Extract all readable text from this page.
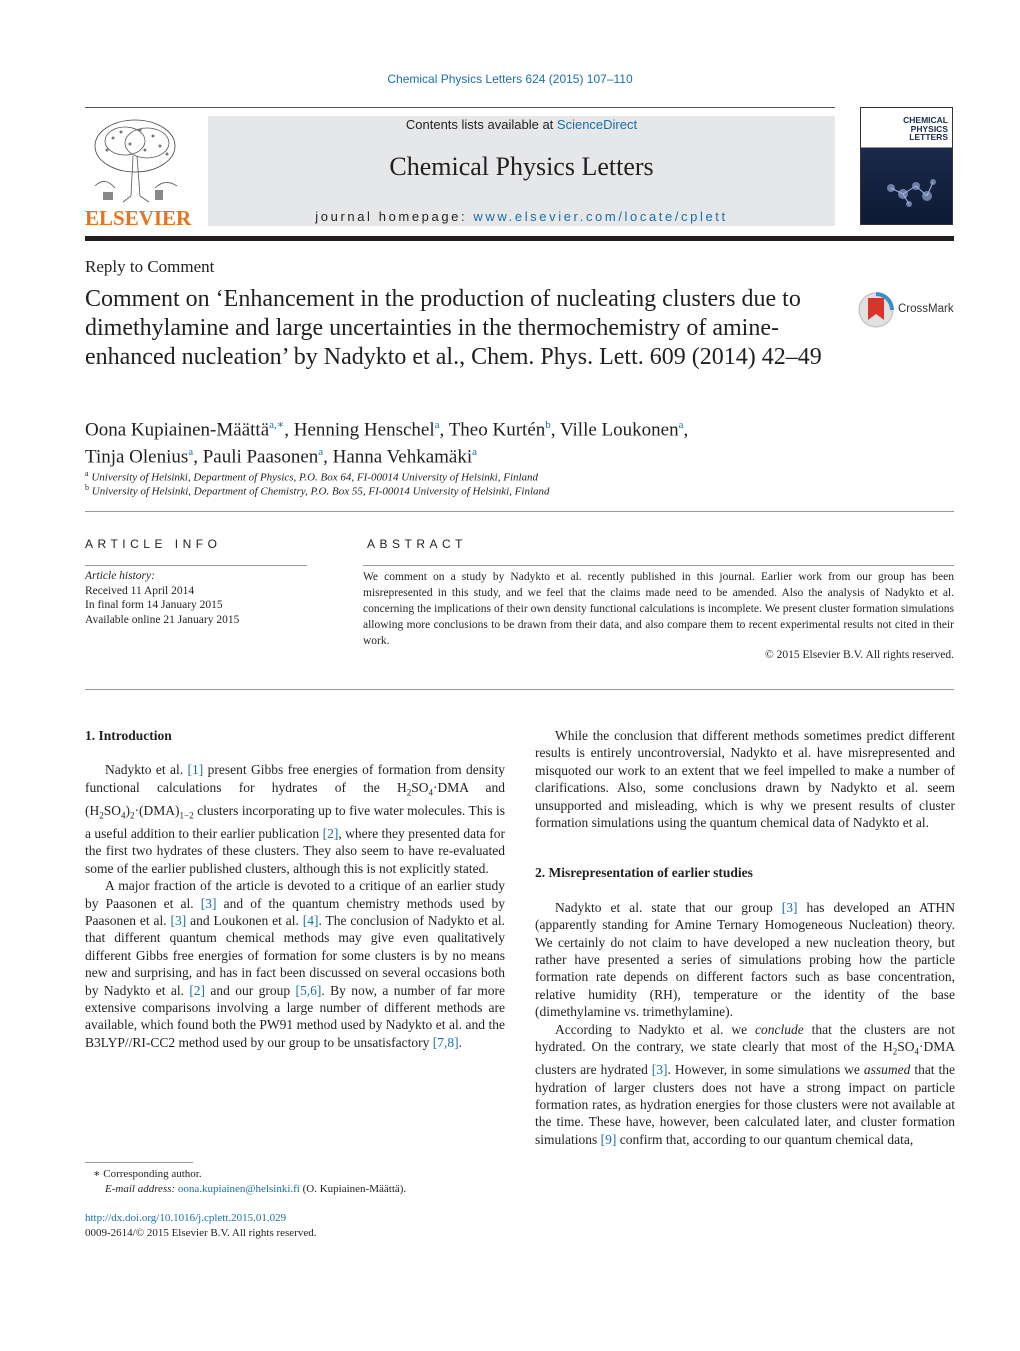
Chemical Physics Letters 624 (2015) 107–110
ELSEVIER
Contents lists available at ScienceDirect
Chemical Physics Letters
journal homepage: www.elsevier.com/locate/cplett
CHEMICAL
PHYSICS
LETTERS
Reply to Comment
Comment on ‘Enhancement in the production of nucleating clusters due to dimethylamine and large uncertainties in the thermochemistry of amine-enhanced nucleation’ by Nadykto et al., Chem. Phys. Lett. 609 (2014) 42–49
CrossMark
Oona Kupiainen-Määttä$^{a,∗}$, Henning Henschel$^a$, Theo Kurtén$^b$, Ville Loukonen$^a$,
Tinja Olenius$^a$, Pauli Paasonen$^a$, Hanna Vehkamäki$^a$
$^a$ University of Helsinki, Department of Physics, P.O. Box 64, FI-00014 University of Helsinki, Finland
$^b$ University of Helsinki, Department of Chemistry, P.O. Box 55, FI-00014 University of Helsinki, Finland
ARTICLE INFO
Article history:
Received 11 April 2014
In final form 14 January 2015
Available online 21 January 2015
ABSTRACT
We comment on a study by Nadykto et al. recently published in this journal. Earlier work from our group has been misrepresented in this study, and we feel that the claims made need to be amended. Also the analysis of Nadykto et al. concerning the implications of their own density functional calculations is incomplete. We present cluster formation simulations allowing more conclusions to be drawn from their data, and also compare them to recent experimental results not cited in their work.
© 2015 Elsevier B.V. All rights reserved.
1. Introduction

Nadykto et al. [1] present Gibbs free energies of formation from density functional calculations for hydrates of the $H_2SO_4\cdot DMA$ and $(H_2SO_4)_2\cdot(DMA)_{1-2}$ clusters incorporating up to five water molecules. This is a useful addition to their earlier publication [2], where they presented data for the first two hydrates of these clusters. They also seem to have re-evaluated some of the earlier published clusters, although this is not explicitly stated.

A major fraction of the article is devoted to a critique of an earlier study by Paasonen et al. [3] and of the quantum chemistry methods used by Paasonen et al. [3] and Loukonen et al. [4]. The conclusion of Nadykto et al. that different quantum chemical methods may give even qualitatively different Gibbs free energies of formation for some clusters is by no means new and surprising, and has in fact been discussed on several occasions both by Nadykto et al. [2] and our group [5,6]. By now, a number of far more extensive comparisons involving a large number of different methods are available, which found both the PW91 method used by Nadykto et al. and the B3LYP//RI-CC2 method used by our group to be unsatisfactory [7,8].

∗ Corresponding author.
E-mail address: oona.kupiainen@helsinki.fi (O. Kupiainen-Määttä).
http://dx.doi.org/10.1016/j.cplett.2015.01.029
0009-2614/© 2015 Elsevier B.V. All rights reserved.

While the conclusion that different methods sometimes predict different results is entirely uncontroversial, Nadykto et al. have misrepresented and misquoted our work to an extent that we feel impelled to make a number of clarifications. Also, some conclusions drawn by Nadykto et al. seem unsupported and misleading, which is why we present results of cluster formation simulations using the quantum chemical data of Nadykto et al.

2. Misrepresentation of earlier studies

Nadykto et al. state that our group [3] has developed an ATHN (apparently standing for Amine Ternary Homogeneous Nucleation) theory. We certainly do not claim to have developed a new nucleation theory, but rather have presented a series of simulations probing how the particle formation rate depends on different factors such as base concentration, relative humidity (RH), temperature or the identity of the base (dimethylamine vs. trimethylamine).

According to Nadykto et al. we conclude that the clusters are not hydrated. On the contrary, we state clearly that most of the $H_2SO_4\cdot DMA$ clusters are hydrated [3]. However, in some simulations we assumed that the hydration of larger clusters does not have a strong impact on particle formation rates, as hydration energies for those clusters were not available at the time. These have, however, been calculated later, and cluster formation simulations [9] confirm that, according to our quantum chemical data,
